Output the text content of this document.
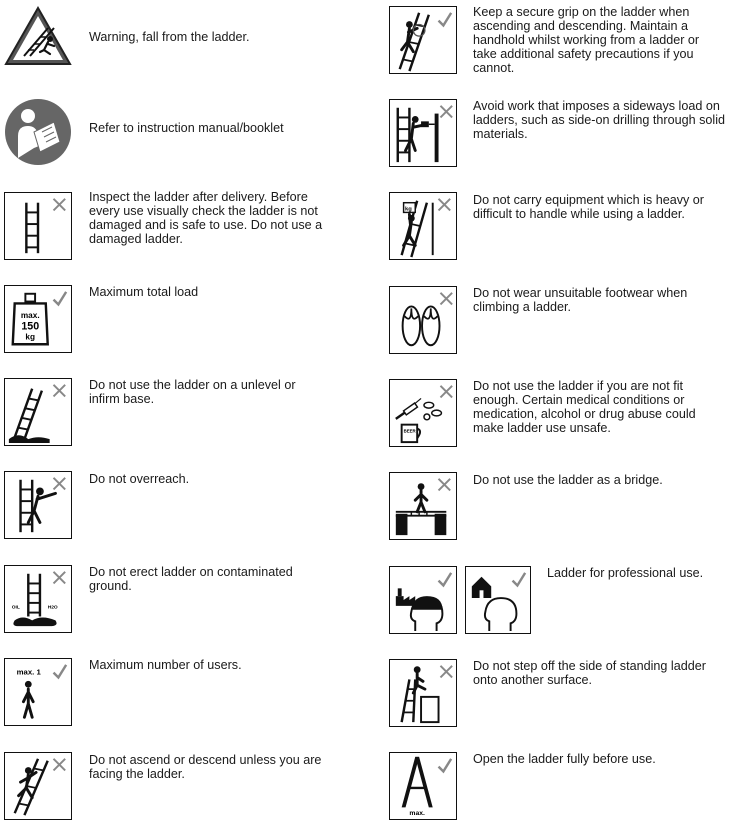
Warning, fall from the ladder.
Refer to instruction manual/booklet
Inspect the ladder after delivery. Before
every use visually check the ladder is not
damaged and is safe to use. Do not use a
damaged ladder.
max.
150
kg
Maximum total load
Do not use the ladder on a unlevel or
infirm base.
Do not overreach.
OIL	H2O
Do not erect ladder on contaminated
ground.
max. 1
Maximum number of users.
Do not ascend or descend unless you are
facing the ladder.
Keep a secure grip on the ladder when
ascending and descending. Maintain a
handhold whilst working from a ladder or
take additional safety precautions if you
cannot.
Avoid work that imposes a sideways load on
ladders, such as side-on drilling through solid
materials.
kg
Do not carry equipment which is heavy or
difficult to handle while using a ladder.
Do not wear unsuitable footwear when
climbing a ladder.
BEER
Do not use the ladder if you are not fit
enough. Certain medical conditions or
medication, alcohol or drug abuse could
make ladder use unsafe.
Do not use the ladder as a bridge.
Ladder for professional use.
Do not step off the side of standing ladder
onto another surface.
max.
Open the ladder fully before use.
